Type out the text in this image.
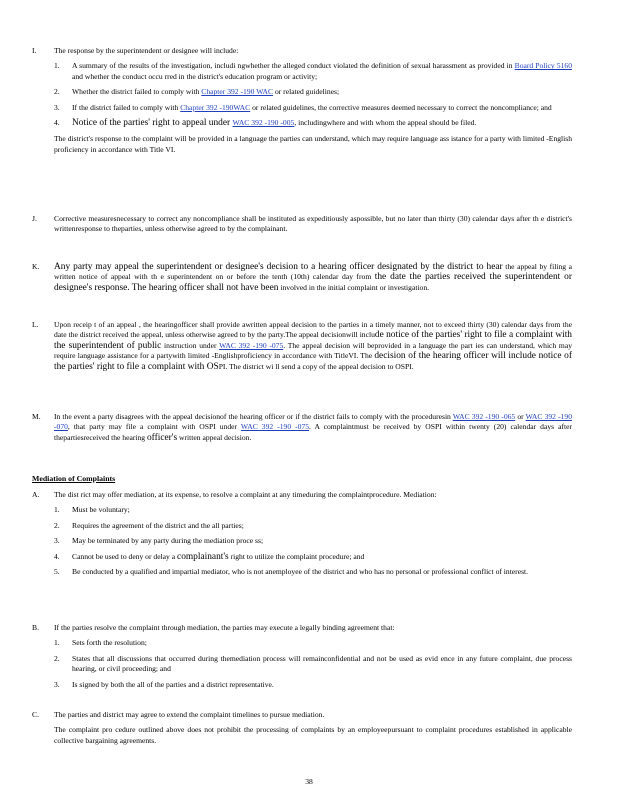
I.	The response by the superintendent or designee will include:
1.	A summary of the results of the investigation, includi ngwhether the alleged conduct violated the definition of sexual harassment as provided in Board Policy 5160 and whether the conduct occu rred in the district's education program or activity;
2.	Whether the district failed to comply with Chapter 392 -190 WAC or related guidelines;
3.	If the district failed to comply with Chapter 392 -190WAC or related guidelines, the corrective measures deemed necessary to correct the noncompliance; and
4.	Notice of the parties' right to appeal under WAC 392 -190 -005, includingwhere and with whom the appeal should be filed.
The district's response to the complaint will be provided in a language the parties can understand, which may require language ass istance for a party with limited -English proficiency in accordance with Title VI.
J.	Corrective measuresnecessary to correct any noncompliance shall be instituted as expeditiously aspossible, but no later than thirty (30) calendar days after th e district's writtenresponse to theparties, unless otherwise agreed to by the complainant.
K.	Any party may appeal the superintendent or designee's decision to a hearing officer designated by the district to hear the appeal by filing a written notice of appeal with th e superintendent on or before the tenth (10th) calendar day from the date the parties received the superintendent or designee's response. The hearing officer shall not have been involved in the initial complaint or investigation.
L.	Upon receip t of an appeal , the hearingofficer shall provide awritten appeal decision to the parties in a timely manner, not to exceed thirty (30) calendar days from the date the district received the appeal, unless otherwise agreed to by the party.The appeal decisionwill include notice of the parties' right to file a complaint with the superintendent of public instruction under WAC 392 -190 -075. The appeal decision will beprovided in a language the part ies can understand, which may require language assistance for a partywith limited -Englishproficiency in accordance with TitleVI. The decision of the hearing officer will include notice of the parties' right to file a complaint with OSPI. The district wi ll send a copy of the appeal decision to OSPI.
M.	In the event a party disagrees with the appeal decisionof the hearing officer or if the district fails to comply with the proceduresin WAC 392 -190 -065 or WAC 392 -190 -070, that party may file a complaint with OSPI under WAC 392 -190 -075. A complaintmust be received by OSPI within twenty (20) calendar days after thepartiesreceived the hearing officer's written appeal decision.
Mediation of Complaints
A.	The dist rict may offer mediation, at its expense, to resolve a complaint at any timeduring the complaintprocedure. Mediation:
1.	Must be voluntary;
2.	Requires the agreement of the district and the all parties;
3.	May be terminated by any party during the mediation proce ss;
4.	Cannot be used to deny or delay a complainant's right to utilize the complaint procedure; and
5.	Be conducted by a qualified and impartial mediator, who is not anemployee of the district and who has no personal or professional conflict of interest.
B.	If the parties resolve the complaint through mediation, the parties may execute a legally binding agreement that:
1.	Sets forth the resolution;
2.	States that all discussions that occurred during themediation process will remainconfidential and not be used as evid ence in any future complaint, due process hearing, or civil proceeding; and
3.	Is signed by both the all of the parties and a district representative.
C.	The parties and district may agree to extend the complaint timelines to pursue mediation.
The complaint pro cedure outlined above does not prohibit the processing of complaints by an employeepursuant to complaint procedures established in applicable collective bargaining agreements.
38
